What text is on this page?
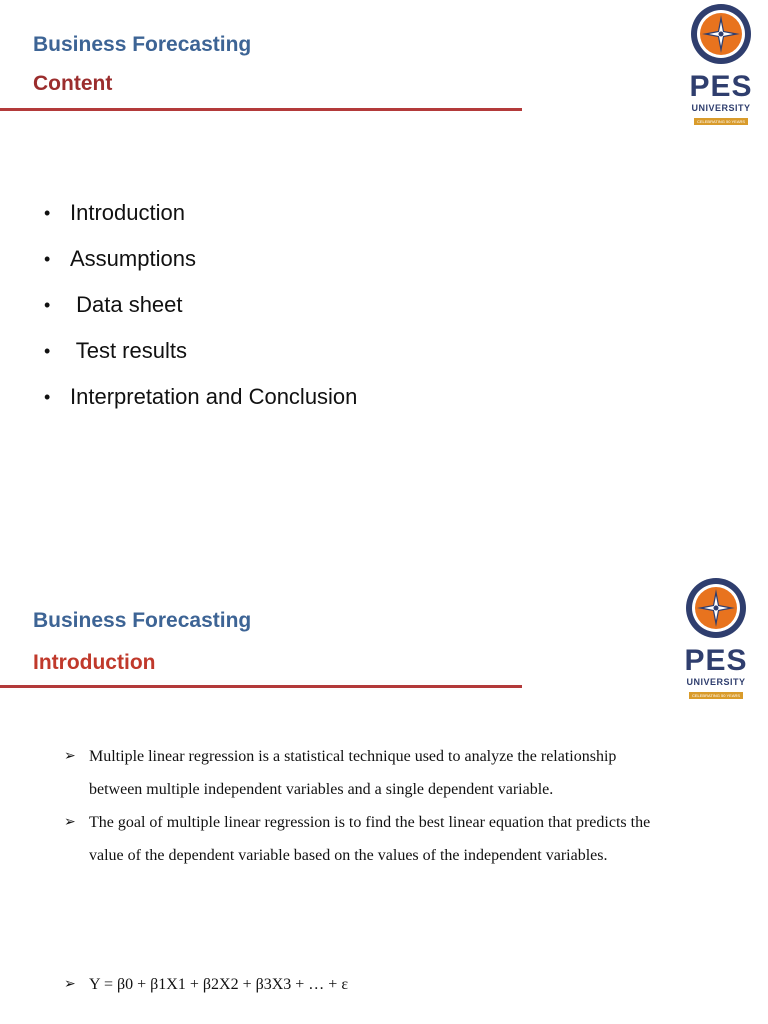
Business Forecasting
Content	PES
UNIVERSITY
CELEBRATING 50 YEARS
• Introduction
• Assumptions
• Data sheet
• Test results
• Interpretation and Conclusion
Business Forecasting
Introduction	PES
UNIVERSITY
CELEBRATING 50 YEARS
➢ Multiple linear regression is a statistical technique used to analyze the relationship between multiple independent variables and a single dependent variable.
➢ The goal of multiple linear regression is to find the best linear equation that predicts the value of the dependent variable based on the values of the independent variables.
➢ Y = β0 + β1X1 + β2X2 + β3X3 + … + ε
